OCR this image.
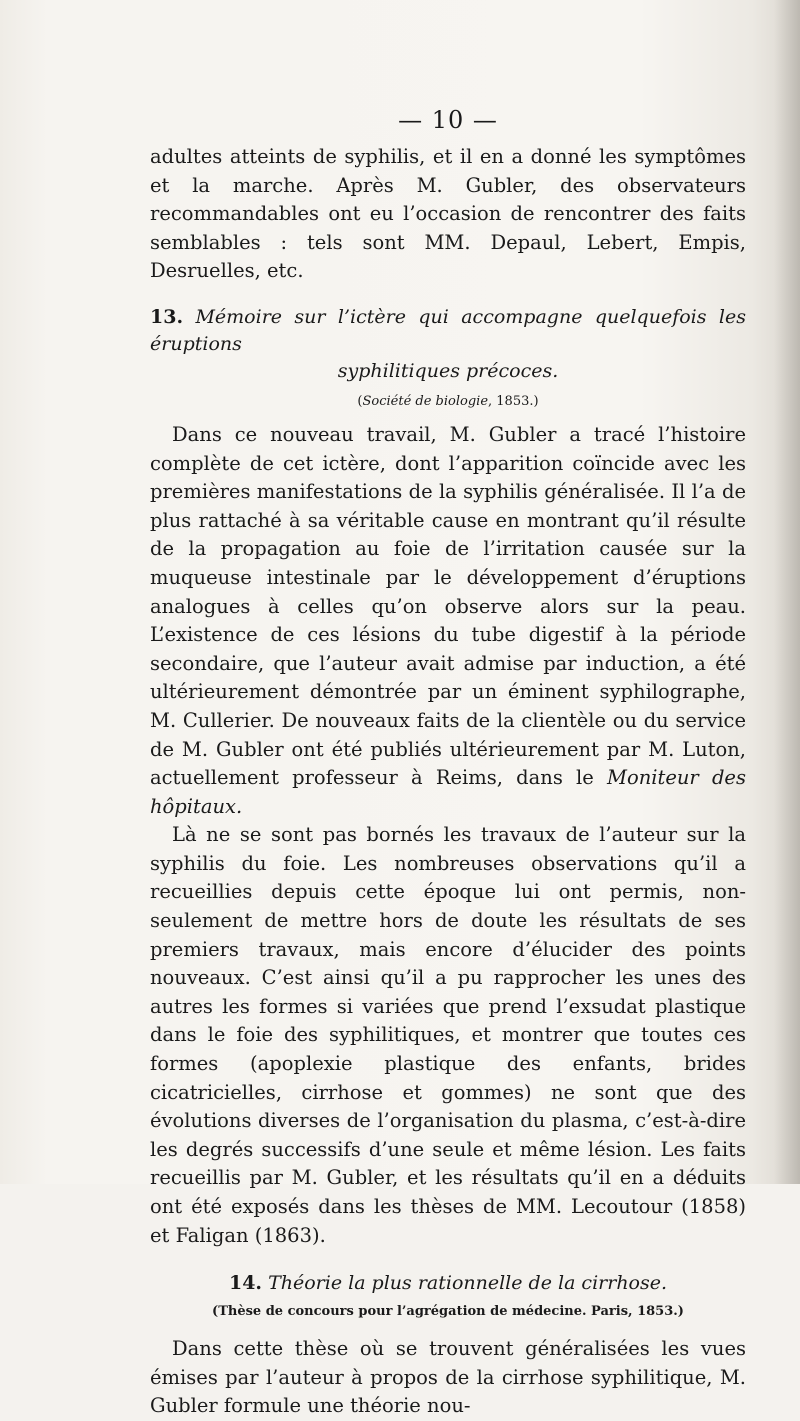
— 10 —

adultes atteints de syphilis, et il en a donné les symptômes et la marche. Après M. Gubler, des observateurs recommandables ont eu l’occasion de rencontrer des faits semblables : tels sont MM. Depaul, Lebert, Empis, Desruelles, etc.

13. Mémoire sur l’ictère qui accompagne quelquefois les éruptions
syphilitiques précoces.
(Société de biologie, 1853.)

Dans ce nouveau travail, M. Gubler a tracé l’histoire complète de cet ictère, dont l’apparition coïncide avec les premières manifestations de la syphilis généralisée. Il l’a de plus rattaché à sa véritable cause en montrant qu’il résulte de la propagation au foie de l’irritation causée sur la muqueuse intestinale par le développement d’éruptions analogues à celles qu’on observe alors sur la peau. L’existence de ces lésions du tube digestif à la période secondaire, que l’auteur avait admise par induction, a été ultérieurement démontrée par un éminent syphilographe, M. Cullerier. De nouveaux faits de la clientèle ou du service de M. Gubler ont été publiés ultérieurement par M. Luton, actuellement professeur à Reims, dans le Moniteur des hôpitaux.

Là ne se sont pas bornés les travaux de l’auteur sur la syphilis du foie. Les nombreuses observations qu’il a recueillies depuis cette époque lui ont permis, non-seulement de mettre hors de doute les résultats de ses premiers travaux, mais encore d’élucider des points nouveaux. C’est ainsi qu’il a pu rapprocher les unes des autres les formes si variées que prend l’exsudat plastique dans le foie des syphilitiques, et montrer que toutes ces formes (apoplexie plastique des enfants, brides cicatricielles, cirrhose et gommes) ne sont que des évolutions diverses de l’organisation du plasma, c’est-à-dire les degrés successifs d’une seule et même lésion. Les faits recueillis par M. Gubler, et les résultats qu’il en a déduits ont été exposés dans les thèses de MM. Lecoutour (1858) et Faligan (1863).

14. Théorie la plus rationnelle de la cirrhose.
(Thèse de concours pour l’agrégation de médecine. Paris, 1853.)

Dans cette thèse où se trouvent généralisées les vues émises par l’auteur à propos de la cirrhose syphilitique, M. Gubler formule une théorie nou-
